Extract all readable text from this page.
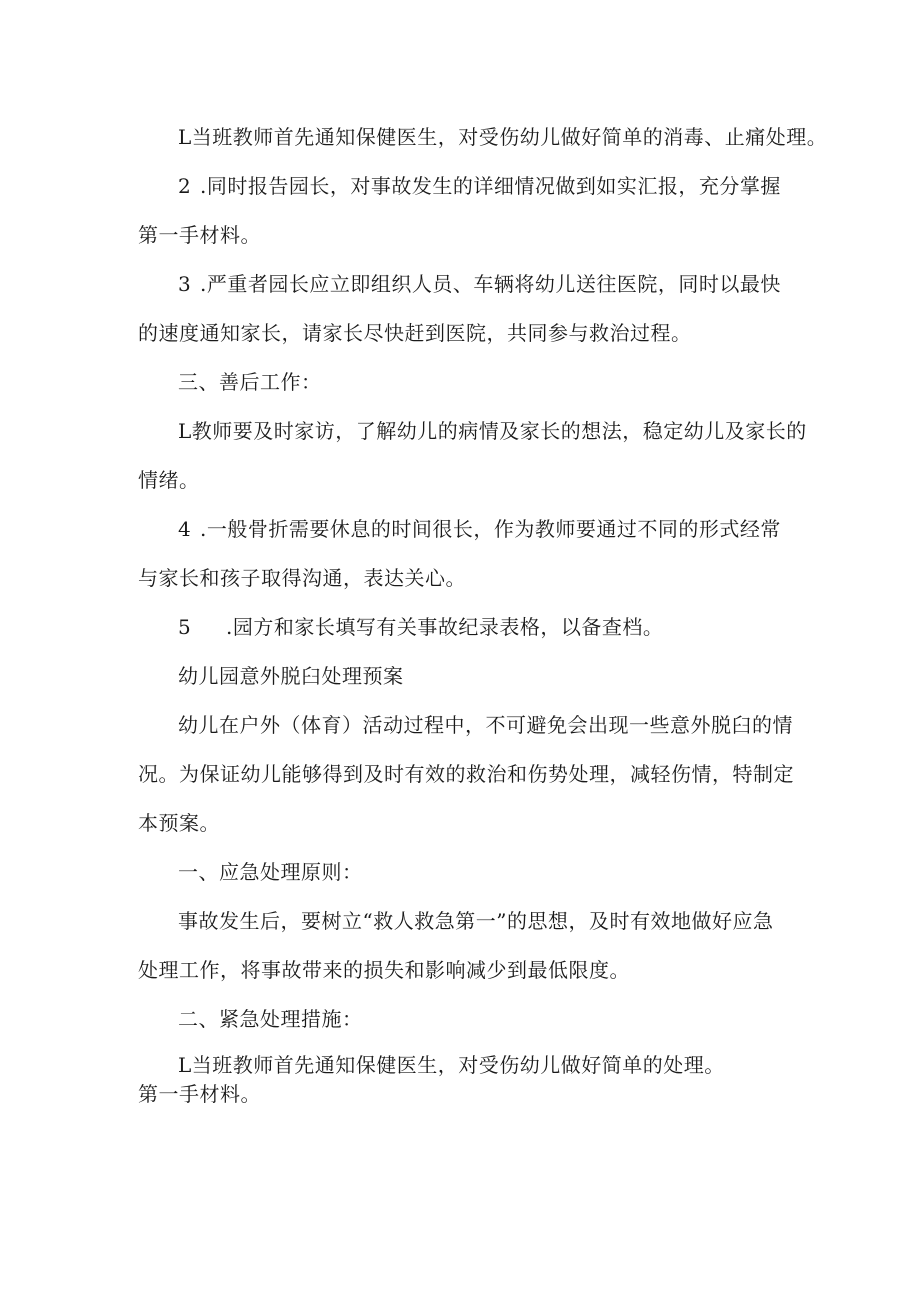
L当班教师首先通知保健医生，对受伤幼儿做好简单的消毒、止痛处理。
2 .同时报告园长，对事故发生的详细情况做到如实汇报，充分掌握
第一手材料。
3 .严重者园长应立即组织人员、车辆将幼儿送往医院，同时以最快
的速度通知家长，请家长尽快赶到医院，共同参与救治过程。
三、善后工作：
L教师要及时家访，了解幼儿的病情及家长的想法，稳定幼儿及家长的
情绪。
4 .一般骨折需要休息的时间很长，作为教师要通过不同的形式经常
与家长和孩子取得沟通，表达关心。
5 .园方和家长填写有关事故纪录表格，以备查档。
幼儿园意外脱臼处理预案
幼儿在户外（体育）活动过程中，不可避免会出现一些意外脱臼的情
况。为保证幼儿能够得到及时有效的救治和伤势处理，减轻伤情，特制定
本预案。
一、应急处理原则：
事故发生后，要树立“救人救急第一”的思想，及时有效地做好应急
处理工作，将事故带来的损失和影响减少到最低限度。
二、紧急处理措施：
L当班教师首先通知保健医生，对受伤幼儿做好简单的处理。
第一手材料。
